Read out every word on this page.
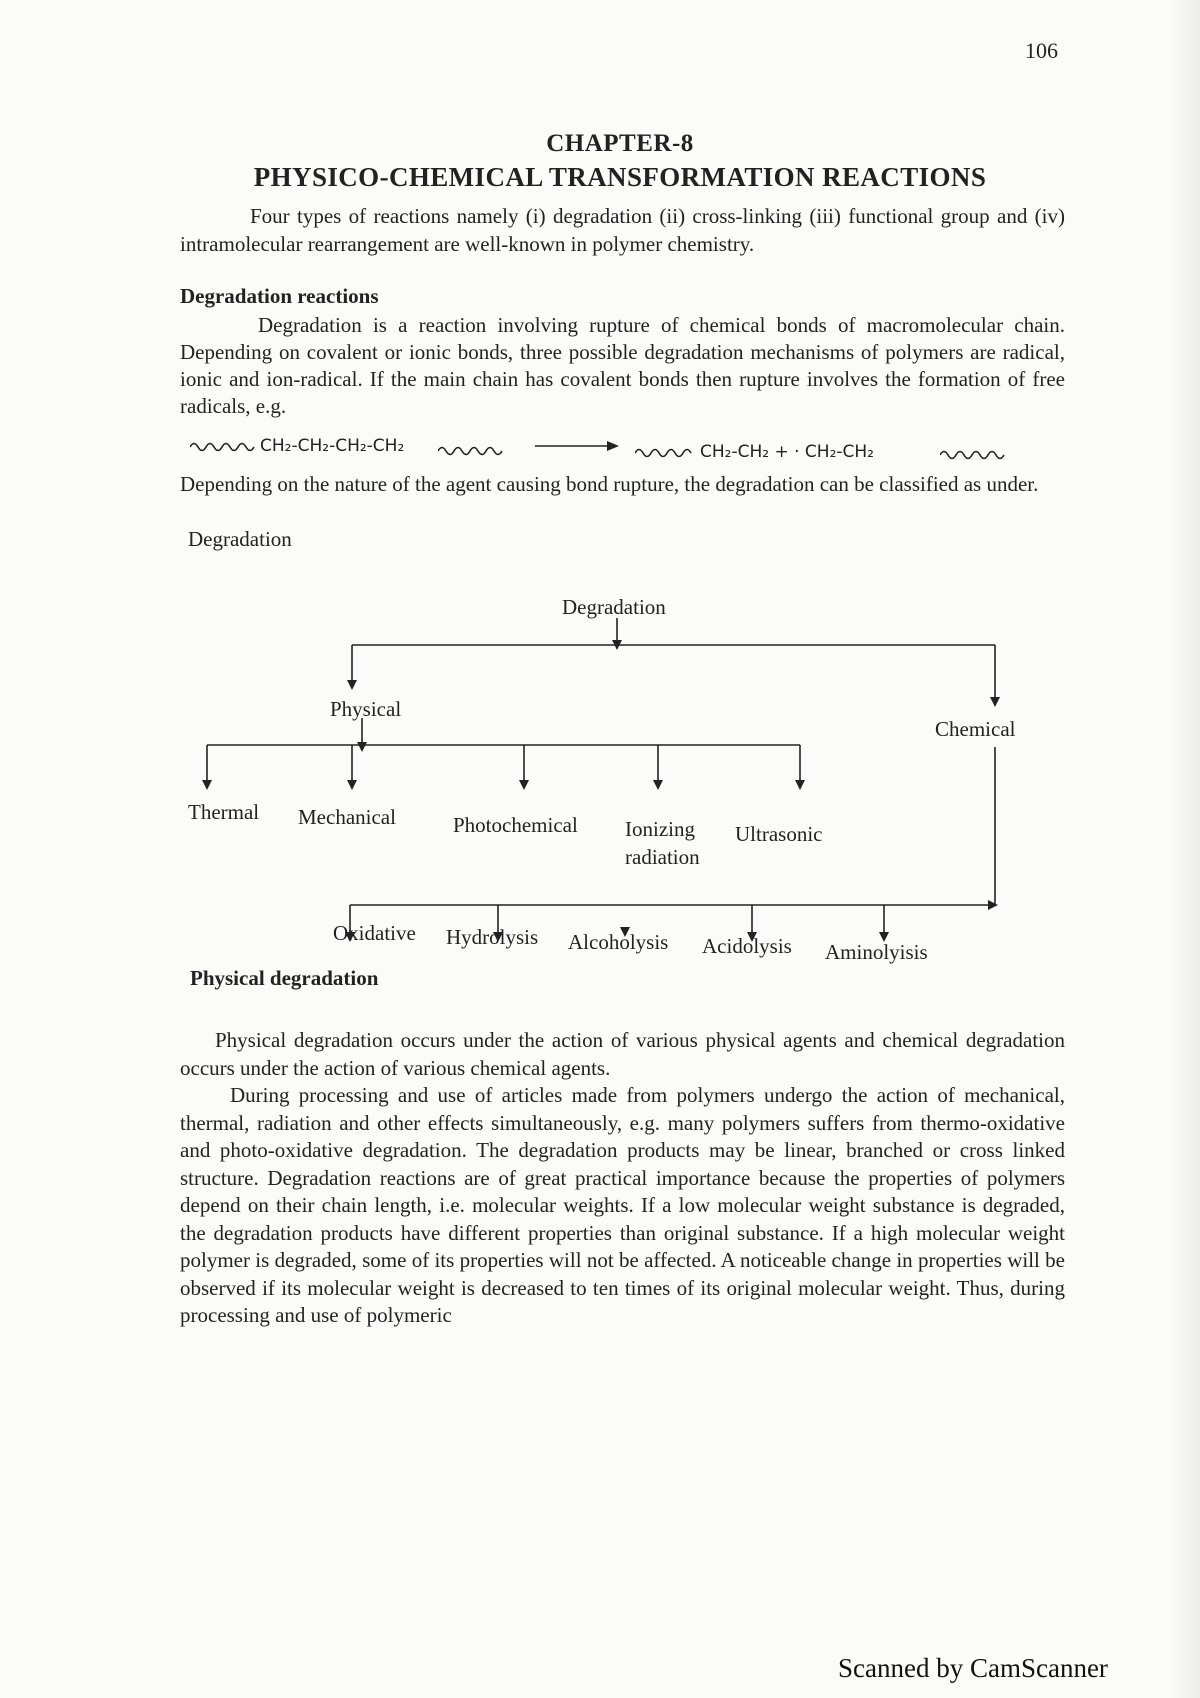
106
CHAPTER-8
PHYSICO-CHEMICAL TRANSFORMATION REACTIONS

Four types of reactions namely (i) degradation (ii) cross-linking (iii) functional group and (iv) intramolecular rearrangement are well-known in polymer chemistry.

Degradation reactions

Degradation is a reaction involving rupture of chemical bonds of macromolecular chain. Depending on covalent or ionic bonds, three possible degradation mechanisms of polymers are radical, ionic and ion-radical. If the main chain has covalent bonds then rupture involves the formation of free radicals, e.g.

CH₂-CH₂-CH₂-CH₂	CH₂-CH₂ + · CH₂-CH₂

Depending on the nature of the agent causing bond rupture, the degradation can be classified as under.

Degradation
Degradation
Physical
Chemical
Thermal Mechanical	Photochemical Ionizing
radiation
Ultrasonic
Oxidative Hydrolysis Alcoholysis Acidolysis Aminolyisis
Physical degradation

Physical degradation occurs under the action of various physical agents and chemical degradation occurs under the action of various chemical agents.

During processing and use of articles made from polymers undergo the action of mechanical, thermal, radiation and other effects simultaneously, e.g. many polymers suffers from thermo-oxidative and photo-oxidative degradation. The degradation products may be linear, branched or cross linked structure. Degradation reactions are of great practical importance because the properties of polymers depend on their chain length, i.e. molecular weights. If a low molecular weight substance is degraded, the degradation products have different properties than original substance. If a high molecular weight polymer is degraded, some of its properties will not be affected. A noticeable change in properties will be observed if its molecular weight is decreased to ten times of its original molecular weight. Thus, during processing and use of polymeric

Scanned by CamScanner
